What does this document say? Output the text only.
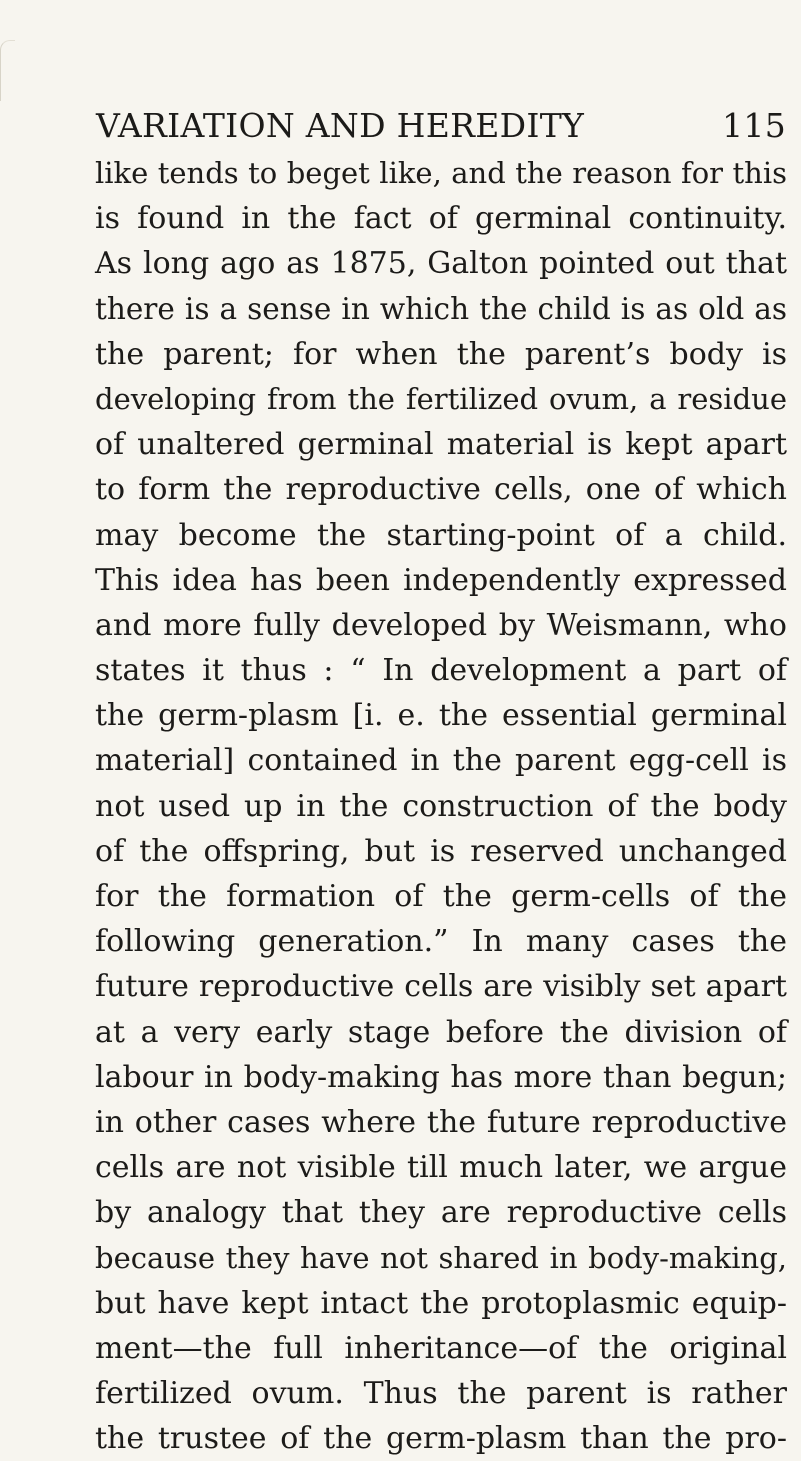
VARIATION AND HEREDITY	115
like tends to beget like, and the reason for this
is found in the fact of germinal continuity.
As long ago as 1875, Galton pointed out that
there is a sense in which the child is as old as
the parent; for when the parent’s body is
developing from the fertilized ovum, a residue
of unaltered germinal material is kept apart
to form the reproductive cells, one of which
may become the starting-point of a child.
This idea has been independently expressed
and more fully developed by Weismann, who
states it thus : “ In development a part of
the germ-plasm [i. e. the essential germinal
material] contained in the parent egg-cell is
not used up in the construction of the body
of the offspring, but is reserved unchanged
for the formation of the germ-cells of the
following generation.” In many cases the
future reproductive cells are visibly set apart
at a very early stage before the division of
labour in body-making has more than begun;
in other cases where the future reproductive
cells are not visible till much later, we argue
by analogy that they are reproductive cells
because they have not shared in body-making,
but have kept intact the protoplasmic equip-
ment—the full inheritance—of the original
fertilized ovum. Thus the parent is rather
the trustee of the germ-plasm than the pro-
